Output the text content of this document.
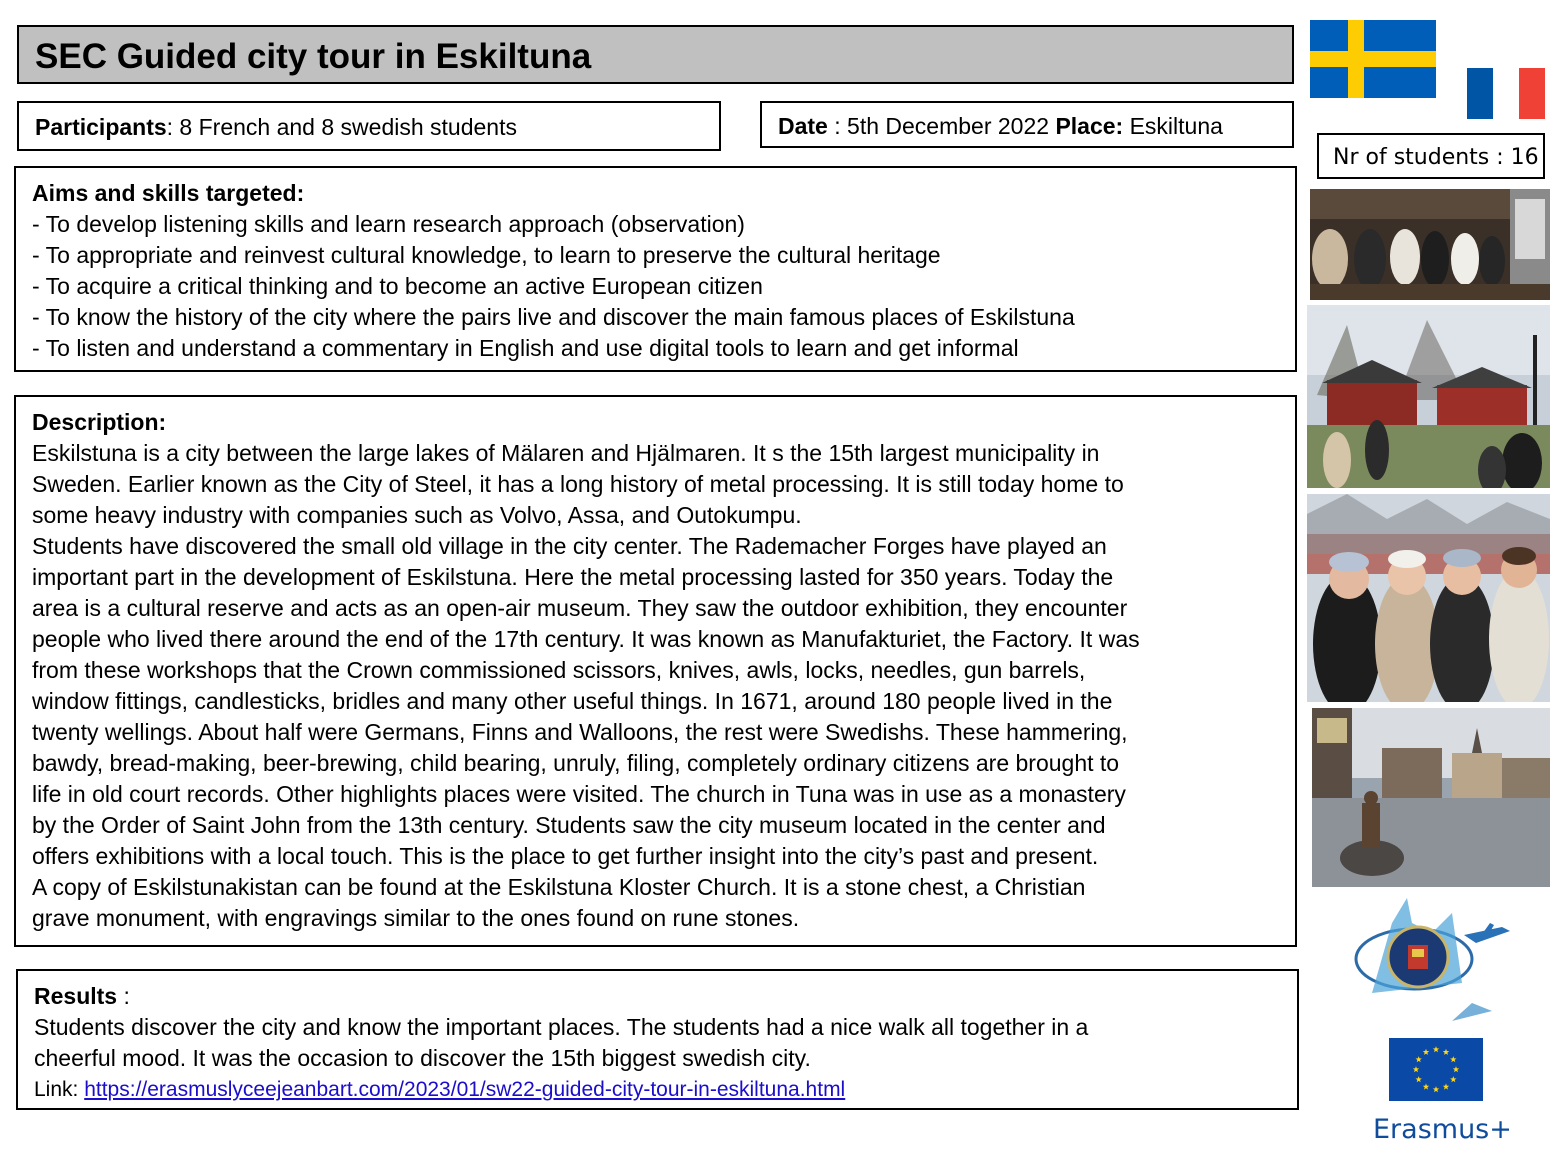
SEC Guided city tour in Eskiltuna
Participants: 8 French and 8 swedish students	Date : 5th December 2022 Place: Eskiltuna
Nr of students : 16
Aims and skills targeted:
- To develop listening skills and learn research approach (observation)
- To appropriate and reinvest cultural knowledge, to learn to preserve the cultural heritage
- To acquire a critical thinking and to become an active European citizen
- To know the history of the city where the pairs live and discover the main famous places of Eskilstuna
- To listen and understand a commentary in English and use digital tools to learn and get informal
Description:
Eskilstuna is a city between the large lakes of Mälaren and Hjälmaren. It s the 15th largest municipality in
Sweden. Earlier known as the City of Steel, it has a long history of metal processing. It is still today home to
some heavy industry with companies such as Volvo, Assa, and Outokumpu.
Students have discovered the small old village in the city center. The Rademacher Forges have played an
important part in the development of Eskilstuna. Here the metal processing lasted for 350 years. Today the
area is a cultural reserve and acts as an open-air museum. They saw the outdoor exhibition, they encounter
people who lived there around the end of the 17th century. It was known as Manufakturiet, the Factory. It was
from these workshops that the Crown commissioned scissors, knives, awls, locks, needles, gun barrels,
window fittings, candlesticks, bridles and many other useful things. In 1671, around 180 people lived in the
twenty wellings. About half were Germans, Finns and Walloons, the rest were Swedishs. These hammering,
bawdy, bread-making, beer-brewing, child bearing, unruly, filing, completely ordinary citizens are brought to
life in old court records. Other highlights places were visited. The church in Tuna was in use as a monastery
by the Order of Saint John from the 13th century. Students saw the city museum located in the center and
offers exhibitions with a local touch. This is the place to get further insight into the city’s past and present.
A copy of Eskilstunakistan can be found at the Eskilstuna Kloster Church. It is a stone chest, a Christian
grave monument, with engravings similar to the ones found on rune stones.
Results :
Students discover the city and know the important places. The students had a nice walk all together in a
cheerful mood. It was the occasion to discover the 15th biggest swedish city.
Link: https://erasmuslyceejeanbart.com/2023/01/sw22-guided-city-tour-in-eskiltuna.html
Erasmus+
